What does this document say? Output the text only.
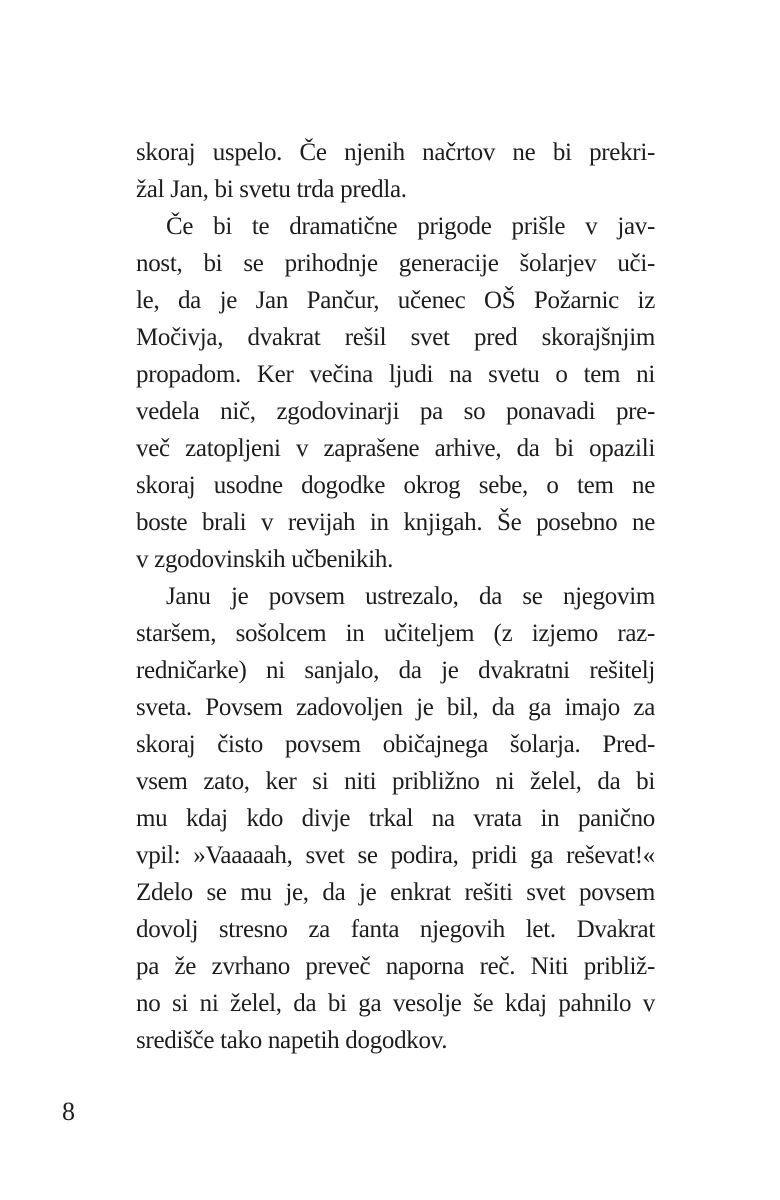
skoraj uspelo. Če njenih načrtov ne bi prekri-
žal Jan, bi svetu trda predla.
Če bi te dramatične prigode prišle v jav-
nost, bi se prihodnje generacije šolarjev uči-
le, da je Jan Pančur, učenec OŠ Požarnic iz
Močivja, dvakrat rešil svet pred skorajšnjim
propadom. Ker večina ljudi na svetu o tem ni
vedela nič, zgodovinarji pa so ponavadi pre-
več zatopljeni v zaprašene arhive, da bi opazili
skoraj usodne dogodke okrog sebe, o tem ne
boste brali v revijah in knjigah. Še posebno ne
v zgodovinskih učbenikih.
Janu je povsem ustrezalo, da se njegovim
staršem, sošolcem in učiteljem (z izjemo raz-
redničarke) ni sanjalo, da je dvakratni rešitelj
sveta. Povsem zadovoljen je bil, da ga imajo za
skoraj čisto povsem običajnega šolarja. Pred-
vsem zato, ker si niti približno ni želel, da bi
mu kdaj kdo divje trkal na vrata in panično
vpil: »Vaaaaah, svet se podira, pridi ga reševat!«
Zdelo se mu je, da je enkrat rešiti svet povsem
dovolj stresno za fanta njegovih let. Dvakrat
pa že zvrhano preveč naporna reč. Niti približ-
no si ni želel, da bi ga vesolje še kdaj pahnilo v
središče tako napetih dogodkov.
8
